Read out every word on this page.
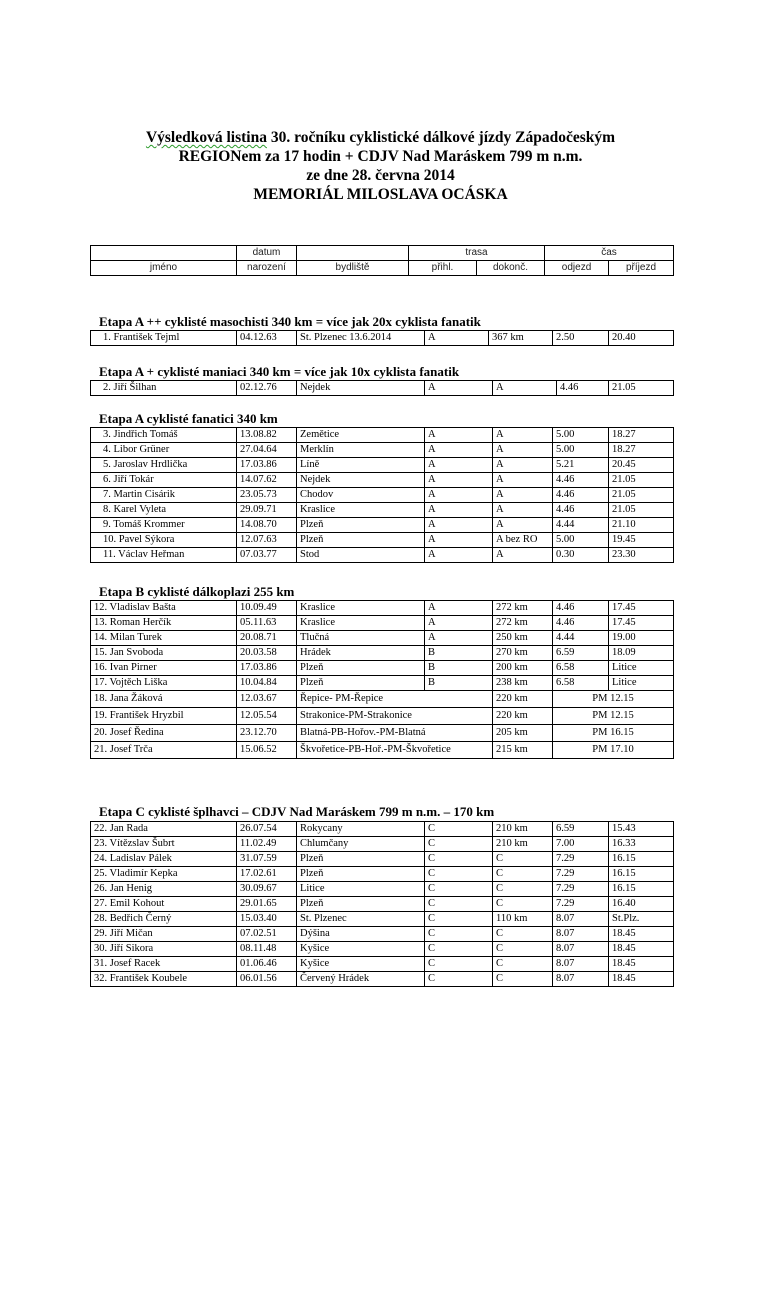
Výsledková listina 30. ročníku cyklistické dálkové jízdy Západočeským
REGIONem za 17 hodin + CDJV Nad Maráskem 799 m n.m.
ze dne 28. června 2014
MEMORIÁL MILOSLAVA OCÁSKA
	datum		trasa		čas	
jméno	narození	bydliště	přihl.	dokonč.	odjezd	příjezd
Etapa A ++ cyklisté masochisti 340 km = více jak 20x cyklista fanatik
1. František Tejml	04.12.63	St. Plzenec 13.6.2014	A	367 km	2.50	20.40
Etapa A + cyklisté maniaci 340 km = více jak 10x cyklista fanatik
2. Jiří Šilhan	02.12.76	Nejdek	A	A	4.46	21.05
Etapa A cyklisté fanatici 340 km
3. Jindřich Tomáš	13.08.82	Zemětice	A	A	5.00	18.27
4. Libor Grüner	27.04.64	Merklín	A	A	5.00	18.27
5. Jaroslav Hrdlička	17.03.86	Líně	A	A	5.21	20.45
6. Jiří Tokár	14.07.62	Nejdek	A	A	4.46	21.05
7. Martin Cisárik	23.05.73	Chodov	A	A	4.46	21.05
8. Karel Vyleta	29.09.71	Kraslice	A	A	4.46	21.05
9. Tomáš Krommer	14.08.70	Plzeň	A	A	4.44	21.10
10. Pavel Sýkora	12.07.63	Plzeň	A	A bez RO	5.00	19.45
11. Václav Heřman	07.03.77	Stod	A	A	0.30	23.30
Etapa B cyklisté dálkoplazi 255 km
12. Vladislav Bašta	10.09.49	Kraslice	A	272 km	4.46	17.45
13. Roman Herčík	05.11.63	Kraslice	A	272 km	4.46	17.45
14. Milan Turek	20.08.71	Tlučná	A	250 km	4.44	19.00
15. Jan Svoboda	20.03.58	Hrádek	B	270 km	6.59	18.09
16. Ivan Pirner	17.03.86	Plzeň	B	200 km	6.58	Litice
17. Vojtěch Liška	10.04.84	Plzeň	B	238 km	6.58	Litice
18. Jana Žáková	12.03.67	Řepice- PM-Řepice		220 km	PM 12.15	
19. František Hryzbil	12.05.54	Strakonice-PM-Strakonice		220 km	PM 12.15	
20. Josef Ředina	23.12.70	Blatná-PB-Hořov.-PM-Blatná		205 km	PM 16.15	
21. Josef Trča	15.06.52	Škvořetice-PB-Hoř.-PM-Škvořetice		215 km	PM 17.10	
Etapa C cyklisté šplhavci – CDJV Nad Maráskem 799 m n.m. – 170 km
22. Jan Rada	26.07.54	Rokycany	C	210 km	6.59	15.43
23. Vítězslav Šubrt	11.02.49	Chlumčany	C	210 km	7.00	16.33
24. Ladislav Pálek	31.07.59	Plzeň	C	C	7.29	16.15
25. Vladimír Kepka	17.02.61	Plzeň	C	C	7.29	16.15
26. Jan Henig	30.09.67	Litice	C	C	7.29	16.15
27. Emil Kohout	29.01.65	Plzeň	C	C	7.29	16.40
28. Bedřich Černý	15.03.40	St. Plzenec	C	110 km	8.07	St.Plz.
29. Jiří Mičan	07.02.51	Dýšina	C	C	8.07	18.45
30. Jiří Sikora	08.11.48	Kyšice	C	C	8.07	18.45
31. Josef Racek	01.06.46	Kyšice	C	C	8.07	18.45
32. František Koubele	06.01.56	Červený Hrádek	C	C	8.07	18.45
